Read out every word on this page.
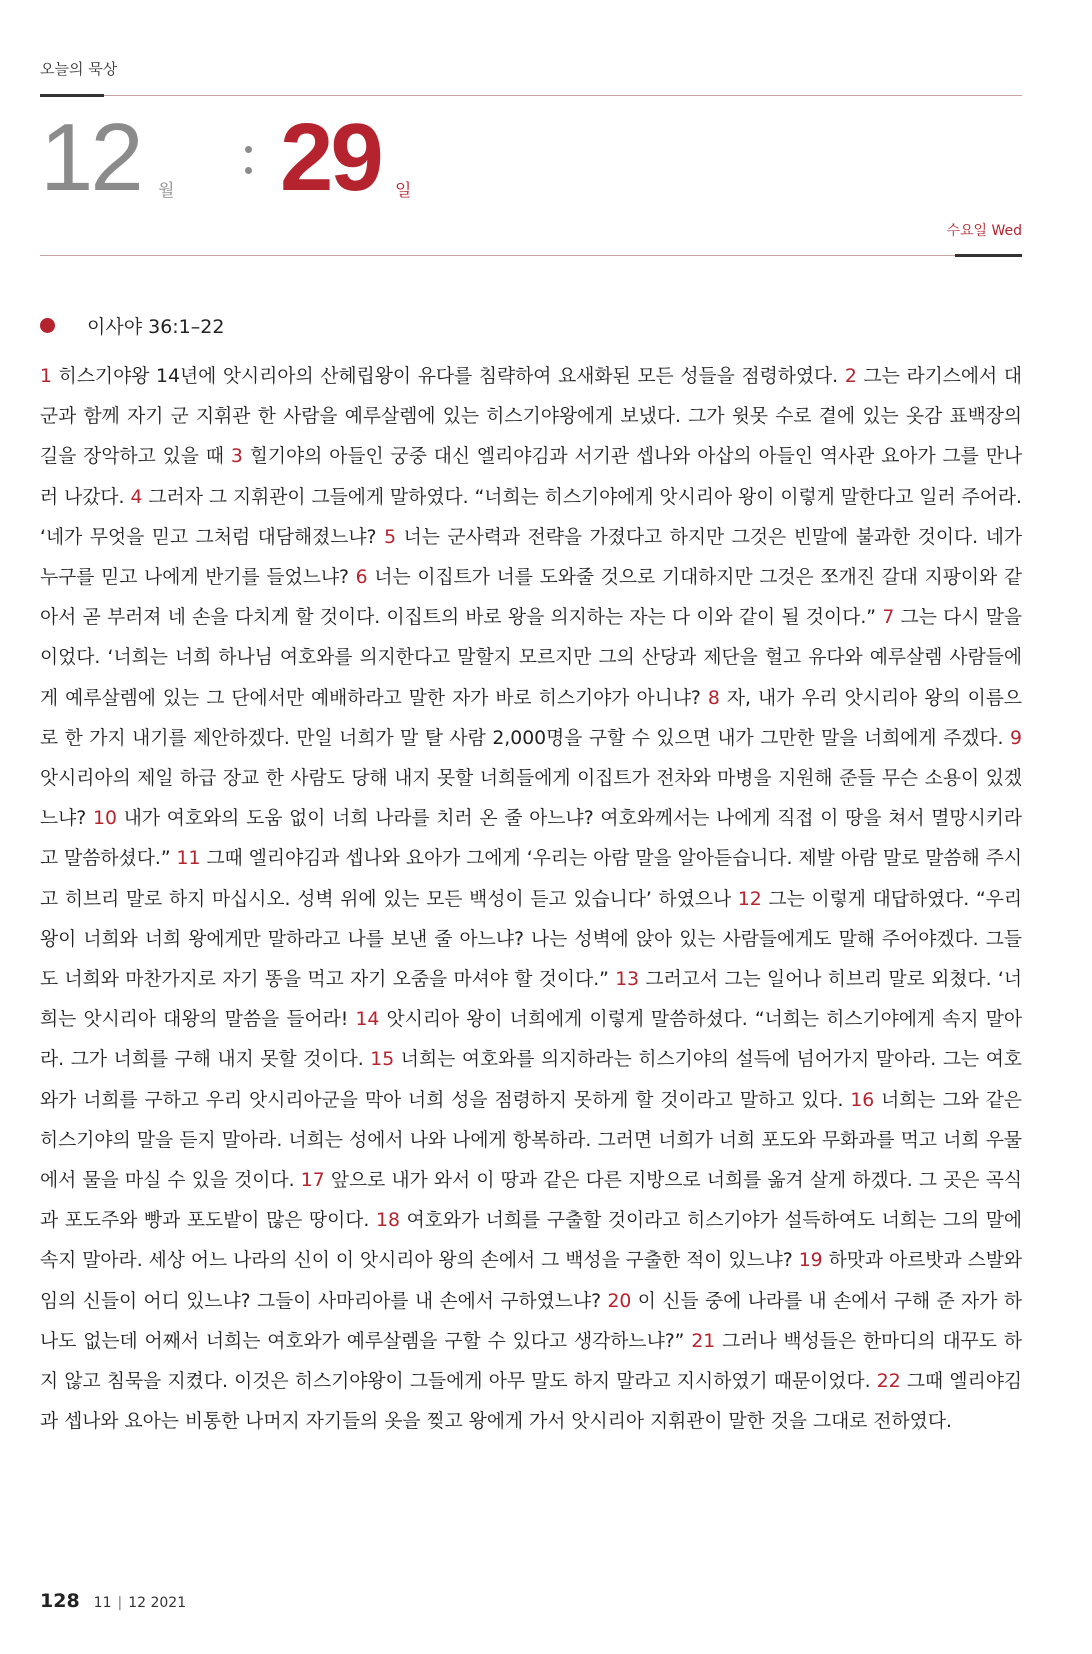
오늘의 묵상
12 월 29 일
수요일 Wed
이사야 36:1–22
1 히스기야왕 14년에 앗시리아의 산헤립왕이 유다를 침략하여 요새화된 모든 성들을 점령하였다. 2 그는 라기스에서 대군과 함께 자기 군 지휘관 한 사람을 예루살렘에 있는 히스기야왕에게 보냈다. 그가 윗못 수로 곁에 있는 옷감 표백장의 길을 장악하고 있을 때 3 힐기야의 아들인 궁중 대신 엘리야김과 서기관 셉나와 아삽의 아들인 역사관 요아가 그를 만나러 나갔다. 4 그러자 그 지휘관이 그들에게 말하였다. “너희는 히스기야에게 앗시리아 왕이 이렇게 말한다고 일러 주어라. ‘네가 무엇을 믿고 그처럼 대담해졌느냐? 5 너는 군사력과 전략을 가졌다고 하지만 그것은 빈말에 불과한 것이다. 네가 누구를 믿고 나에게 반기를 들었느냐? 6 너는 이집트가 너를 도와줄 것으로 기대하지만 그것은 쪼개진 갈대 지팡이와 같아서 곧 부러져 네 손을 다치게 할 것이다. 이집트의 바로 왕을 의지하는 자는 다 이와 같이 될 것이다.” 7 그는 다시 말을 이었다. ‘너희는 너희 하나님 여호와를 의지한다고 말할지 모르지만 그의 산당과 제단을 헐고 유다와 예루살렘 사람들에게 예루살렘에 있는 그 단에서만 예배하라고 말한 자가 바로 히스기야가 아니냐? 8 자, 내가 우리 앗시리아 왕의 이름으로 한 가지 내기를 제안하겠다. 만일 너희가 말 탈 사람 2,000명을 구할 수 있으면 내가 그만한 말을 너희에게 주겠다. 9 앗시리아의 제일 하급 장교 한 사람도 당해 내지 못할 너희들에게 이집트가 전차와 마병을 지원해 준들 무슨 소용이 있겠느냐? 10 내가 여호와의 도움 없이 너희 나라를 치러 온 줄 아느냐? 여호와께서는 나에게 직접 이 땅을 쳐서 멸망시키라고 말씀하셨다.” 11 그때 엘리야김과 셉나와 요아가 그에게 ‘우리는 아람 말을 알아듣습니다. 제발 아람 말로 말씀해 주시고 히브리 말로 하지 마십시오. 성벽 위에 있는 모든 백성이 듣고 있습니다’ 하였으나 12 그는 이렇게 대답하였다. “우리 왕이 너희와 너희 왕에게만 말하라고 나를 보낸 줄 아느냐? 나는 성벽에 앉아 있는 사람들에게도 말해 주어야겠다. 그들도 너희와 마찬가지로 자기 똥을 먹고 자기 오줌을 마셔야 할 것이다.” 13 그러고서 그는 일어나 히브리 말로 외쳤다. ‘너희는 앗시리아 대왕의 말씀을 들어라! 14 앗시리아 왕이 너희에게 이렇게 말씀하셨다. “너희는 히스기야에게 속지 말아라. 그가 너희를 구해 내지 못할 것이다. 15 너희는 여호와를 의지하라는 히스기야의 설득에 넘어가지 말아라. 그는 여호와가 너희를 구하고 우리 앗시리아군을 막아 너희 성을 점령하지 못하게 할 것이라고 말하고 있다. 16 너희는 그와 같은 히스기야의 말을 듣지 말아라. 너희는 성에서 나와 나에게 항복하라. 그러면 너희가 너희 포도와 무화과를 먹고 너희 우물에서 물을 마실 수 있을 것이다. 17 앞으로 내가 와서 이 땅과 같은 다른 지방으로 너희를 옮겨 살게 하겠다. 그 곳은 곡식과 포도주와 빵과 포도밭이 많은 땅이다. 18 여호와가 너희를 구출할 것이라고 히스기야가 설득하여도 너희는 그의 말에 속지 말아라. 세상 어느 나라의 신이 이 앗시리아 왕의 손에서 그 백성을 구출한 적이 있느냐? 19 하맛과 아르밧과 스발와임의 신들이 어디 있느냐? 그들이 사마리아를 내 손에서 구하였느냐? 20 이 신들 중에 나라를 내 손에서 구해 준 자가 하나도 없는데 어째서 너희는 여호와가 예루살렘을 구할 수 있다고 생각하느냐?” 21 그러나 백성들은 한마디의 대꾸도 하지 않고 침묵을 지켰다. 이것은 히스기야왕이 그들에게 아무 말도 하지 말라고 지시하였기 때문이었다. 22 그때 엘리야김과 셉나와 요아는 비통한 나머지 자기들의 옷을 찢고 왕에게 가서 앗시리아 지휘관이 말한 것을 그대로 전하였다.
128 11 | 12 2021
